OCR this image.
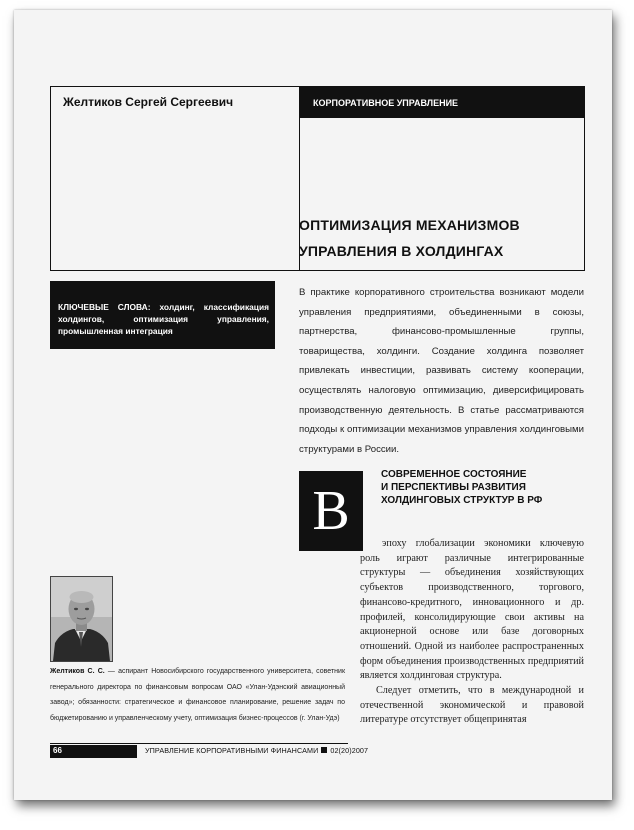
Желтиков Сергей Сергеевич	КОРПОРАТИВНОЕ УПРАВЛЕНИЕ
ОПТИМИЗАЦИЯ МЕХАНИЗМОВ
УПРАВЛЕНИЯ В ХОЛДИНГАХ
КЛЮЧЕВЫЕ СЛОВА: холдинг, классификация холдингов, оптимизация управления, промышленная интеграция
В практике корпоративного строительства возникают модели управления предприятиями, объединенными в союзы, партнерства, финансово-промышленные группы, товарищества, холдинги. Создание холдинга позволяет привлекать инвестиции, развивать систему кооперации, осуществлять налоговую оптимизацию, диверсифицировать производственную деятельность. В статье рассматриваются подходы к оптимизации механизмов управления холдинговыми структурами в России.
В
СОВРЕМЕННОЕ СОСТОЯНИЕ
И ПЕРСПЕКТИВЫ РАЗВИТИЯ
ХОЛДИНГОВЫХ СТРУКТУР В РФ

эпоху глобализации экономики ключевую роль играют различные интегрированные структуры — объединения хозяйствующих субъектов производственного, торгового, финансово-кредитного, инновационного и др. профилей, консолидирующие свои активы на акционерной основе или базе договорных отношений. Одной из наиболее распространенных форм объединения производственных предприятий является холдинговая структура.

Следует отметить, что в международной и отечественной экономической и правовой литературе отсутствует общепринятая

Желтиков С. С. — аспирант Новосибирского государственного университета, советник генерального директора по финансовым вопросам ОАО «Улан-Удэнский авиационный завод»; обязанности: стратегическое и финансовое планирование, решение задач по бюджетированию и управленческому учету, оптимизация бизнес-процессов (г. Улан-Удэ)
66	УПРАВЛЕНИЕ КОРПОРАТИВНЫМИ ФИНАНСАМИ 02(20)2007
